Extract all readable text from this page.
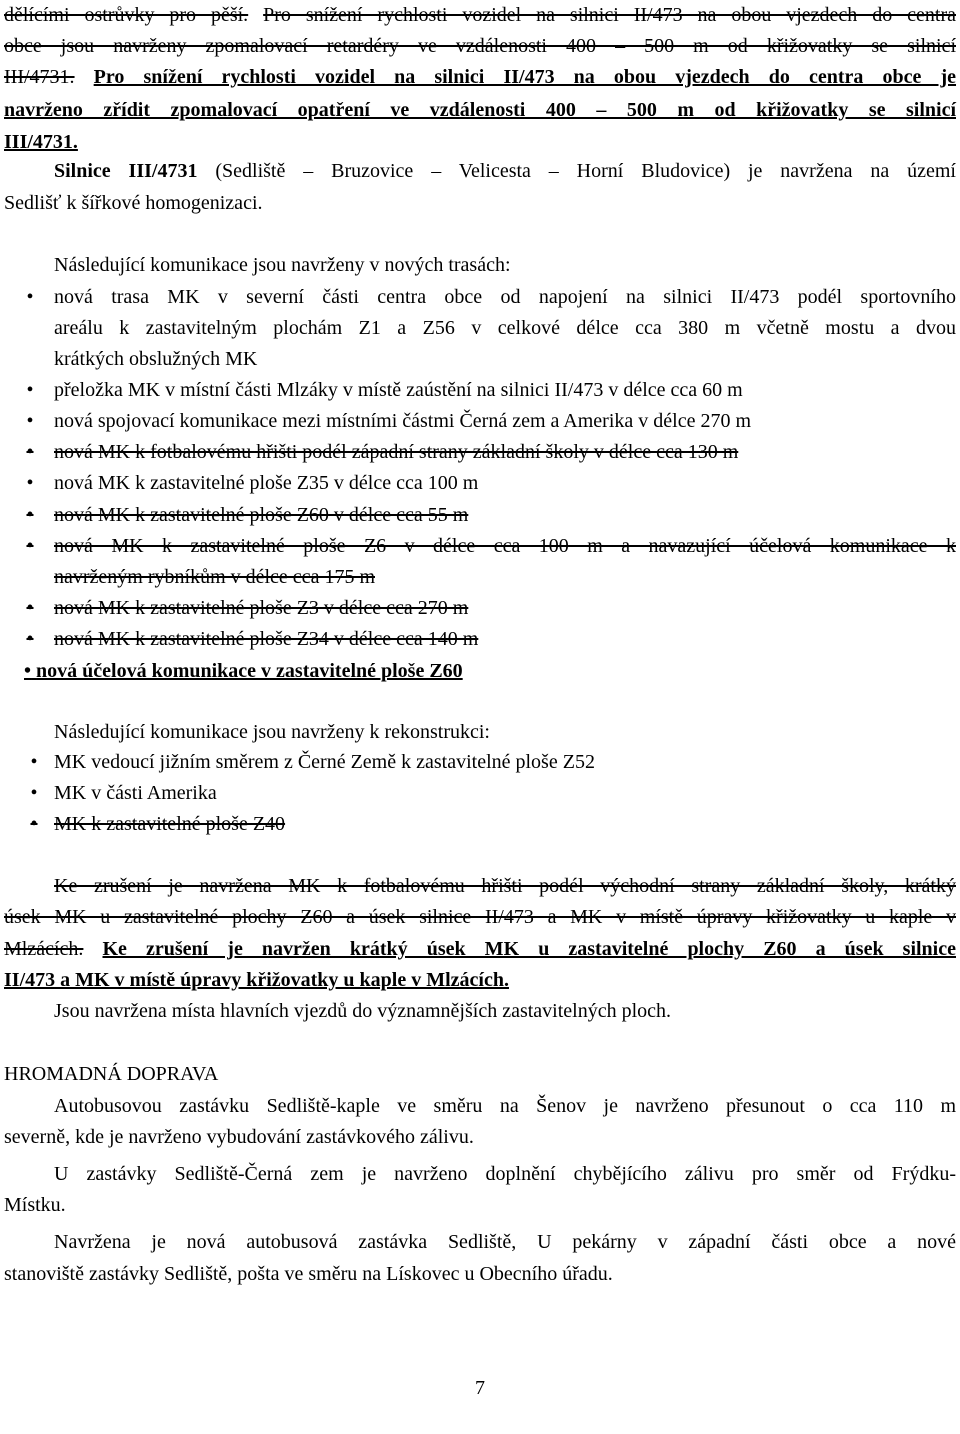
dělícími ostrůvky pro pěší. Pro snížení rychlosti vozidel na silnici II/473 na obou vjezdech do centra
obce jsou navrženy zpomalovací retardéry ve vzdálenosti 400 – 500 m od křižovatky se silnicí
III/4731. Pro snížení rychlosti vozidel na silnici II/473 na obou vjezdech do centra obce je
navrženo zřídit zpomalovací opatření ve vzdálenosti 400 – 500 m od křižovatky se silnicí
III/4731.
Silnice III/4731 (Sedliště – Bruzovice – Velicesta – Horní Bludovice) je navržena na území
Sedlišť k šířkové homogenizaci.
Následující komunikace jsou navrženy v nových trasách:
• nová trasa MK v severní části centra obce od napojení na silnici II/473 podél sportovního
areálu k zastavitelným plochám Z1 a Z56 v celkové délce cca 380 m včetně mostu a dvou
krátkých obslužných MK
• přeložka MK v místní části Mlzáky v místě zaústění na silnici II/473 v délce cca 60 m
• nová spojovací komunikace mezi místními částmi Černá zem a Amerika v délce 270 m
• nová MK k fotbalovému hřišti podél západní strany základní školy v délce cca 130 m
• nová MK k zastavitelné ploše Z35 v délce cca 100 m
• nová MK k zastavitelné ploše Z60 v délce cca 55 m
• nová MK k zastavitelné ploše Z6 v délce cca 100 m a navazující účelová komunikace k
navrženým rybníkům v délce cca 175 m
• nová MK k zastavitelné ploše Z3 v délce cca 270 m
• nová MK k zastavitelné ploše Z34 v délce cca 140 m
• nová účelová komunikace v zastavitelné ploše Z60
Následující komunikace jsou navrženy k rekonstrukci:
• MK vedoucí jižním směrem z Černé Země k zastavitelné ploše Z52
• MK v části Amerika
• MK k zastavitelné ploše Z40
Ke zrušení je navržena MK k fotbalovému hřišti podél východní strany základní školy, krátký
úsek MK u zastavitelné plochy Z60 a úsek silnice II/473 a MK v místě úpravy křižovatky u kaple v
Mlzácích. Ke zrušení je navržen krátký úsek MK u zastavitelné plochy Z60 a úsek silnice
II/473 a MK v místě úpravy křižovatky u kaple v Mlzácích.
Jsou navržena místa hlavních vjezdů do významnějších zastavitelných ploch.
HROMADNÁ DOPRAVA
Autobusovou zastávku Sedliště-kaple ve směru na Šenov je navrženo přesunout o cca 110 m
severně, kde je navrženo vybudování zastávkového zálivu.
U zastávky Sedliště-Černá zem je navrženo doplnění chybějícího zálivu pro směr od Frýdku-
Místku.
Navržena je nová autobusová zastávka Sedliště, U pekárny v západní části obce a nové
stanoviště zastávky Sedliště, pošta ve směru na Lískovec u Obecního úřadu.
7
